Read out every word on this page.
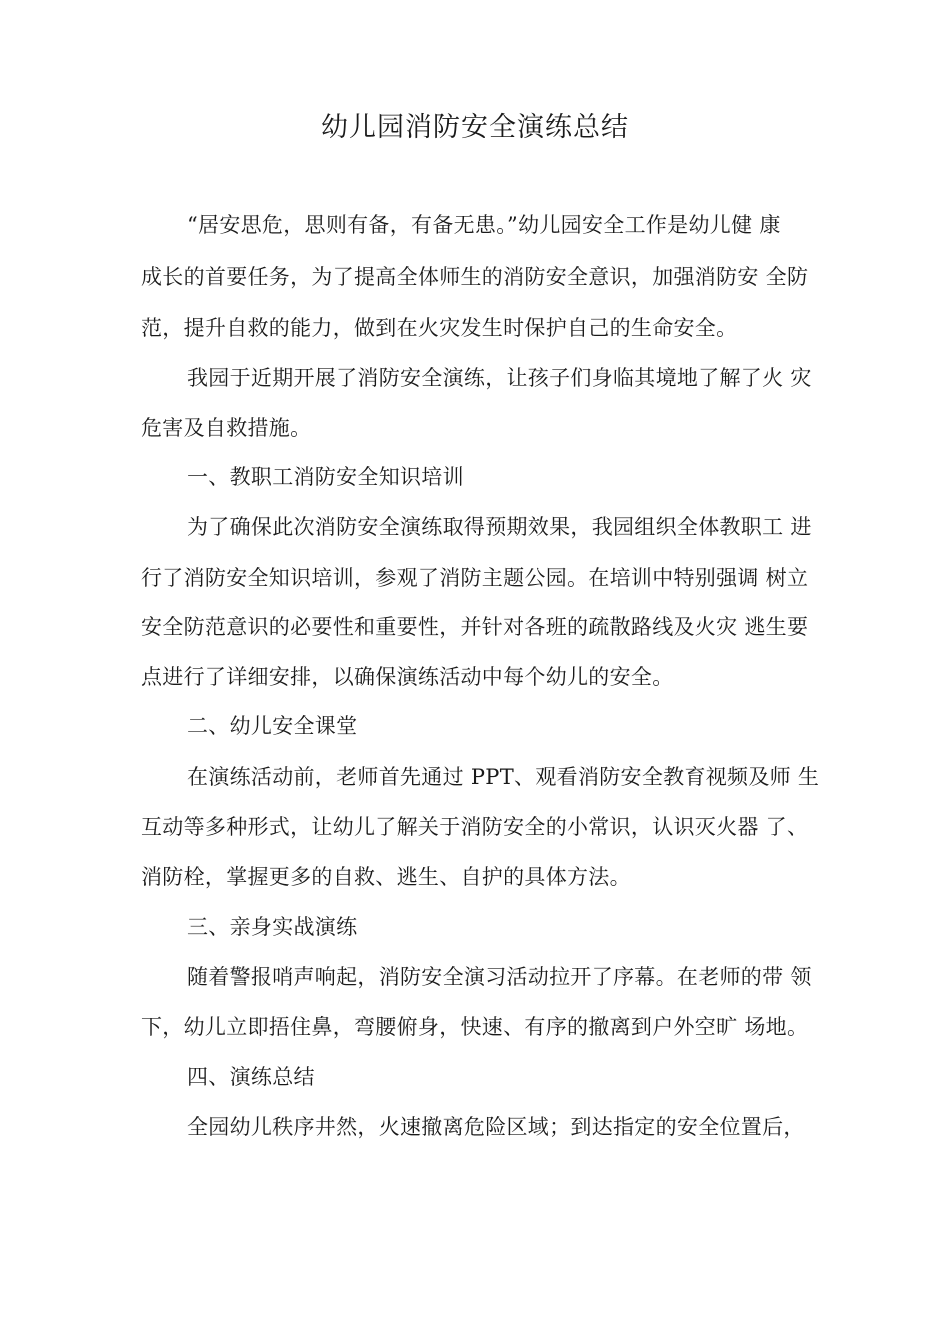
幼儿园消防安全演练总结
“居安思危，思则有备，有备无患。”幼儿园安全工作是幼儿健 康
成长的首要任务，为了提高全体师生的消防安全意识，加强消防安 全防
范，提升自救的能力，做到在火灾发生时保护自己的生命安全。
我园于近期开展了消防安全演练，让孩子们身临其境地了解了火 灾
危害及自救措施。
一、教职工消防安全知识培训
为了确保此次消防安全演练取得预期效果，我园组织全体教职工 进
行了消防安全知识培训，参观了消防主题公园。在培训中特别强调 树立
安全防范意识的必要性和重要性，并针对各班的疏散路线及火灾 逃生要
点进行了详细安排，以确保演练活动中每个幼儿的安全。
二、幼儿安全课堂
在演练活动前，老师首先通过 PPT、观看消防安全教育视频及师 生
互动等多种形式，让幼儿了解关于消防安全的小常识，认识灭火器 了、
消防栓，掌握更多的自救、逃生、自护的具体方法。
三、亲身实战演练
随着警报哨声响起，消防安全演习活动拉开了序幕。在老师的带 领
下，幼儿立即捂住鼻，弯腰俯身，快速、有序的撤离到户外空旷 场地。
四、演练总结
全园幼儿秩序井然，火速撤离危险区域；到达指定的安全位置后，
